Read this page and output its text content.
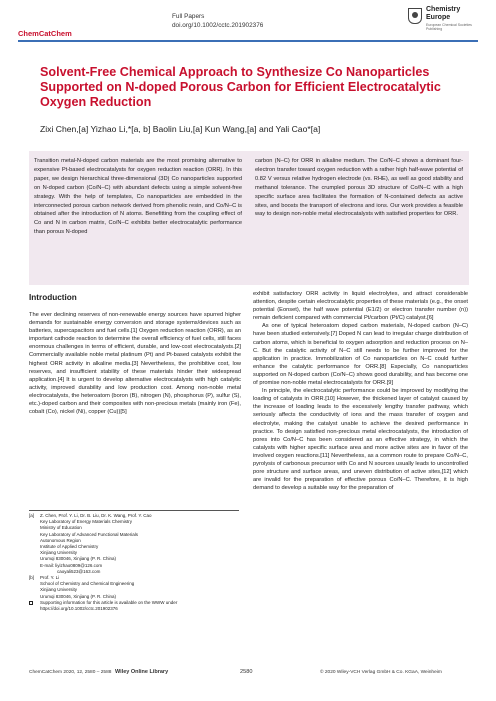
ChemCatChem
Full Papers
doi.org/10.1002/cctc.201902376
Chemistry
Europe
European Chemical Societies Publishing
Solvent-Free Chemical Approach to Synthesize Co Nanoparticles Supported on N-doped Porous Carbon for Efficient Electrocatalytic Oxygen Reduction
Zixi Chen,[a] Yizhao Li,*[a, b] Baolin Liu,[a] Kun Wang,[a] and Yali Cao*[a]

Transition metal-N-doped carbon materials are the most promising alternative to expensive Pt-based electrocatalysts for oxygen reduction reaction (ORR). In this paper, we design hierarchical three-dimensional (3D) Co nanoparticles supported on N-doped carbon (Co/N–C) with abundant defects using a simple solvent-free strategy. With the help of templates, Co nanoparticles are embedded in the interconnected porous carbon network derived from phenolic resin, and Co/N–C is obtained after the introduction of N atoms. Benefitting from the coupling effect of Co and N in carbon matrix, Co/N–C exhibits better electrocatalytic performance than porous N-doped

carbon (N–C) for ORR in alkaline medium. The Co/N–C shows a dominant four-electron transfer toward oxygen reduction with a rather high half-wave potential of 0.82 V versus relative hydrogen electrode (vs. RHE), as well as good stability and methanol tolerance. The crumpled porous 3D structure of Co/N–C with a high specific surface area facilitates the formation of N-contained defects as active sites, and boosts the transport of electrons and ions. Our work provides a feasible way to design non-noble metal electrocatalysts with satisfied properties for ORR.

Introduction

The ever declining reserves of non-renewable energy sources have spurred higher demands for sustainable energy conversion and storage systems/devices such as batteries, supercapacitors and fuel cells.[1] Oxygen reduction reaction (ORR), as an important cathode reaction to determine the overall efficiency of fuel cells, still faces enormous challenges in terms of efficient, durable, and low-cost electrocatalysts.[2] Commercially available noble metal platinum (Pt) and Pt-based catalysts exhibit the highest ORR activity in alkaline media.[3] Nevertheless, the prohibitive cost, low reserves, and insufficient stability of these materials hinder their widespread application.[4] It is urgent to develop alternative electrocatalysts with high catalytic activity, improved durability and low production cost. Among non-noble metal electrocatalysts, the heteroatom (boron (B), nitrogen (N), phosphorus (P), sulfur (S), etc.)-doped carbon and their composites with non-precious metals (mainly iron (Fe), cobalt (Co), nickel (Ni), copper (Cu))[5]

exhibit satisfactory ORR activity in liquid electrolytes, and attract considerable attention, despite certain electrocatalytic properties of these materials (e.g., the onset potential (Eonset), the half wave potential (E1/2) or electron transfer number (n)) remain deficient compared with commercial Pt/carbon (Pt/C) catalyst.[6]

As one of typical heteroatom doped carbon materials, N-doped carbon (N–C) have been studied extensively.[7] Doped N can lead to irregular charge distribution of carbon atoms, which is beneficial to oxygen adsorption and reduction process on N–C. But the catalytic activity of N–C still needs to be further improved for the application in practice. Immobilization of Co nanoparticles on N–C could further enhance the catalytic performance for ORR.[8] Especially, Co nanoparticles supported on N-doped carbon (Co/N–C) shows good durability, and has become one of promise non-noble metal electrocatalysts for ORR.[9]

In principle, the electrocatalytic performance could be improved by modifying the loading of catalysts in ORR.[10] However, the thickened layer of catalyst caused by the increase of loading leads to the excessively lengthy transfer pathway, which seriously affects the conductivity of ions and the mass transfer of oxygen and electrolyte, making the catalyst unable to achieve the desired performance in practice. To design satisfied non-precious metal electrocatalysts, the introduction of pores into Co/N–C has been considered as an effective strategy, in which the catalysts with higher specific surface area and more active sites are in favor of the involved oxygen reactions.[11] Nevertheless, as a common route to prepare Co/N–C, pyrolysis of carbonous precursor with Co and N sources usually leads to uncontrolled pore structure and surface areas, and uneven distribution of active sites,[12] which are invalid for the preparation of effective porous Co/N–C. Therefore, it is high demand to develop a suitable way for the preparation of

[a]	Z. Chen, Prof. Y. Li, Dr. B. Liu, Dr. K. Wang, Prof. Y. Cao
Key Laboratory of Energy Materials Chemistry
Ministry of Education
Key Laboratory of Advanced Functional Materials
Autonomous Region
Institute of Applied Chemistry
Xinjiang University
Urumqi 830046, Xinjiang (P. R. China)
E-mail: liyizhao0809@126.com
caoyali523@163.com
[b]	Prof. Y. Li
School of Chemistry and Chemical Engineering
Xinjiang University
Urumqi 830046, Xinjiang (P. R. China)
Supporting information for this article is available on the WWW under
https://doi.org/10.1002/cctc.201902376
ChemCatChem 2020, 12, 2580 – 2588 Wiley Online Library	2580	© 2020 Wiley-VCH Verlag GmbH & Co. KGaA, Weinheim
